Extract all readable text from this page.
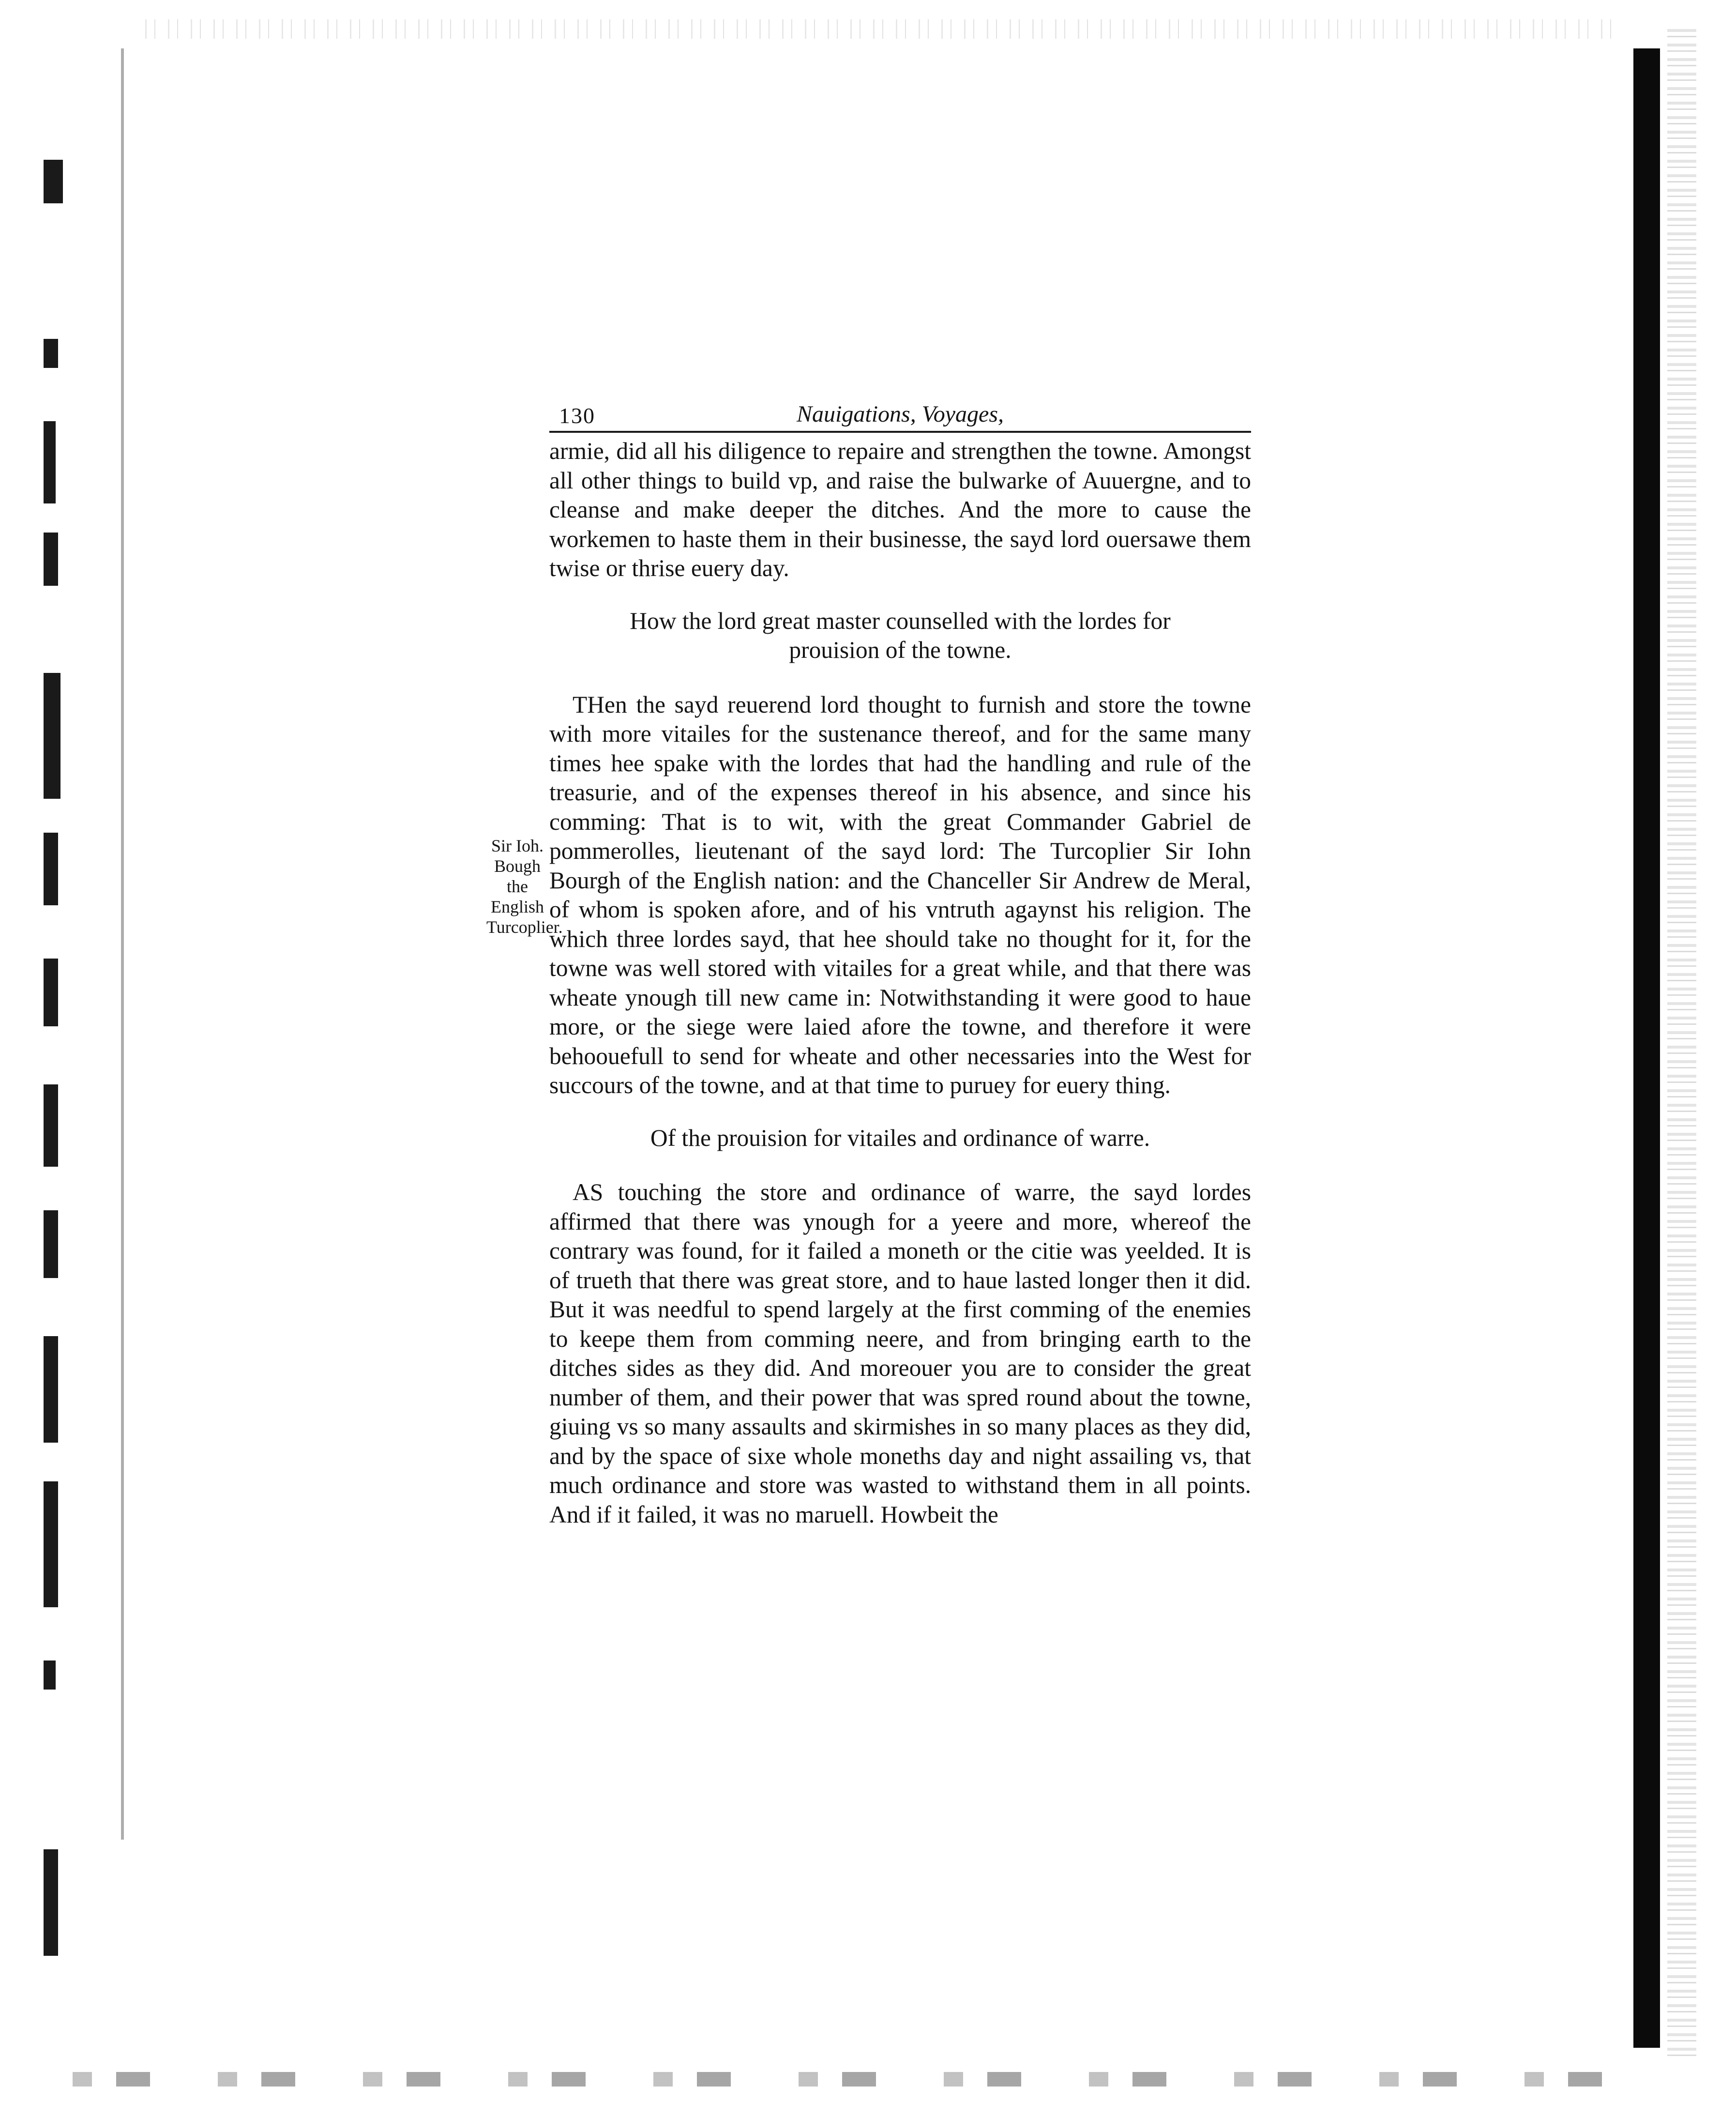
130	Nauigations, Voyages,

armie, did all his diligence to repaire and strengthen the towne. Amongst all other things to build vp, and raise the bulwarke of Auuergne, and to cleanse and make deeper the ditches. And the more to cause the workemen to haste them in their businesse, the sayd lord ouersawe them twise or thrise euery day.

How the lord great master counselled with the lordes for prouision of the towne.

Sir Ioh. Bough the English Turcoplier.

THen the sayd reuerend lord thought to furnish and store the towne with more vitailes for the sustenance thereof, and for the same many times hee spake with the lordes that had the handling and rule of the treasurie, and of the expenses thereof in his absence, and since his comming: That is to wit, with the great Commander Gabriel de pommerolles, lieutenant of the sayd lord: The Turcoplier Sir Iohn Bourgh of the English nation: and the Chanceller Sir Andrew de Meral, of whom is spoken afore, and of his vntruth agaynst his religion. The which three lordes sayd, that hee should take no thought for it, for the towne was well stored with vitailes for a great while, and that there was wheate ynough till new came in: Notwithstanding it were good to haue more, or the siege were laied afore the towne, and therefore it were behoouefull to send for wheate and other necessaries into the West for succours of the towne, and at that time to puruey for euery thing.

Of the prouision for vitailes and ordinance of warre.

AS touching the store and ordinance of warre, the sayd lordes affirmed that there was ynough for a yeere and more, whereof the contrary was found, for it failed a moneth or the citie was yeelded. It is of trueth that there was great store, and to haue lasted longer then it did. But it was needful to spend largely at the first comming of the enemies to keepe them from comming neere, and from bringing earth to the ditches sides as they did. And moreouer you are to consider the great number of them, and their power that was spred round about the towne, giuing vs so many assaults and skirmishes in so many places as they did, and by the space of sixe whole moneths day and night assailing vs, that much ordinance and store was wasted to withstand them in all points. And if it failed, it was no maruell. Howbeit the
